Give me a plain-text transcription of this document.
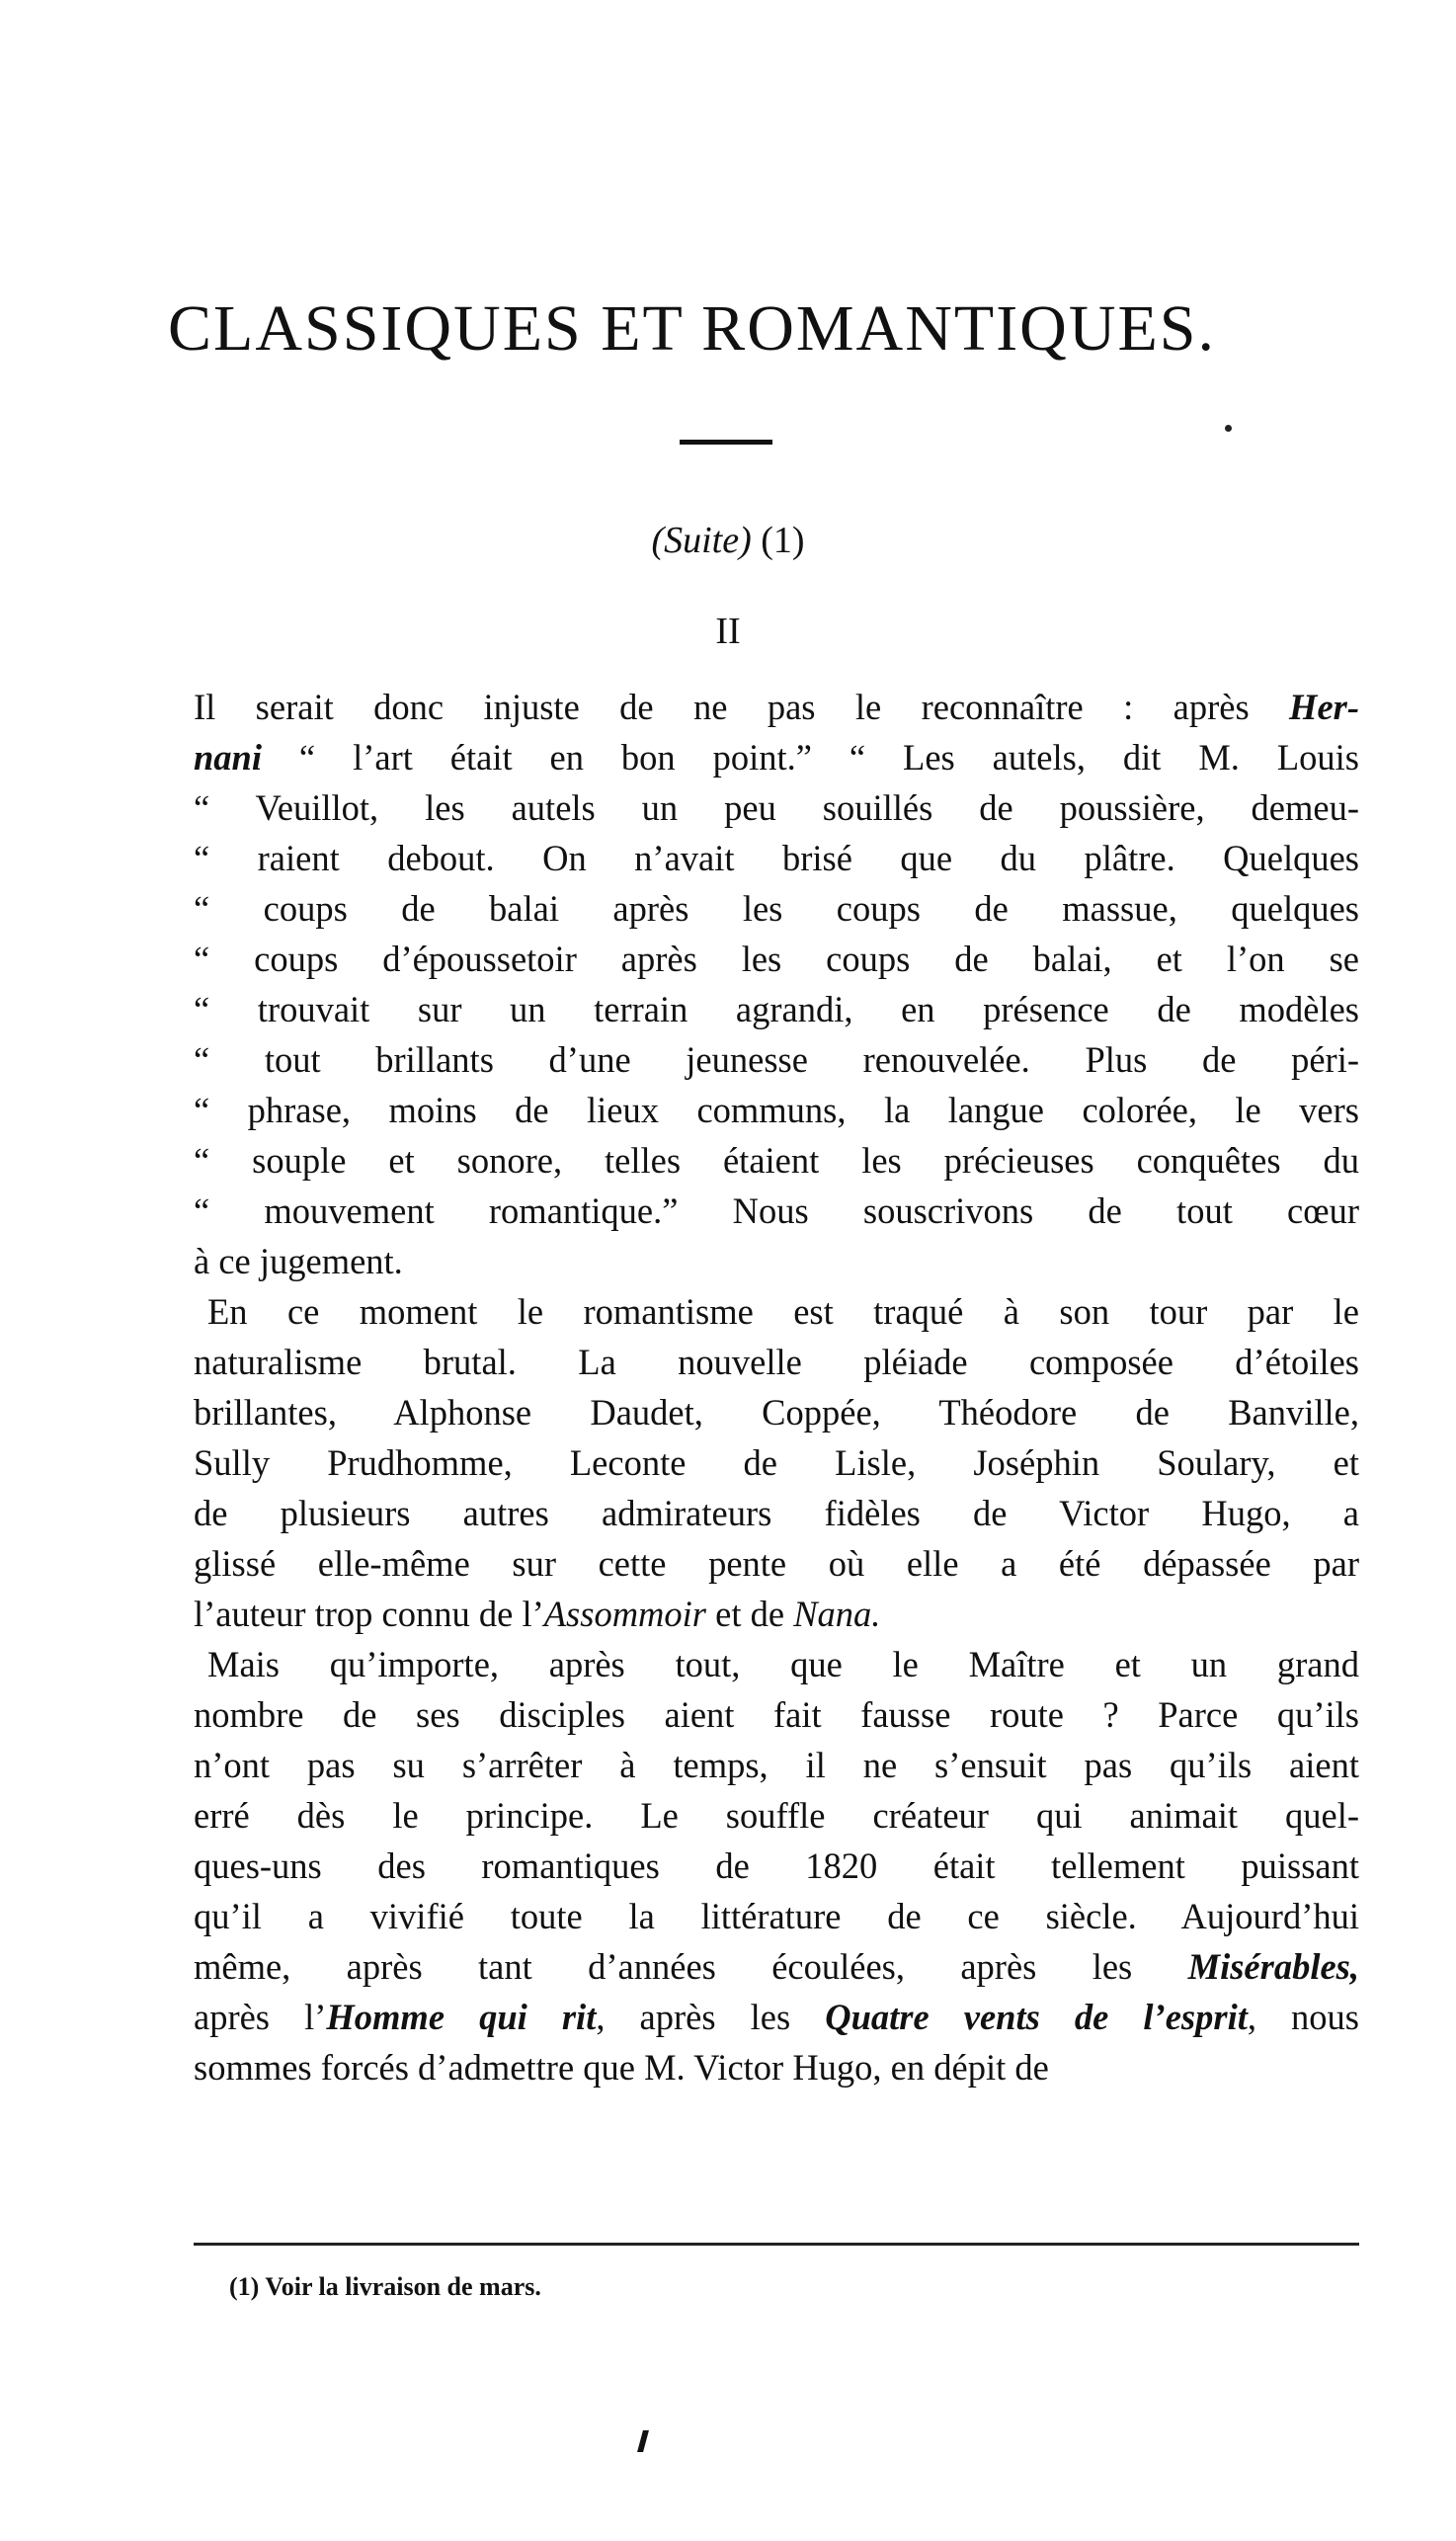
CLASSIQUES ET ROMANTIQUES.
(Suite) (1)
II
Il serait donc injuste de ne pas le reconnaître : après Her-
nani “ l’art était en bon point.” “ Les autels, dit M. Louis
“ Veuillot, les autels un peu souillés de poussière, demeu-
“ raient debout. On n’avait brisé que du plâtre. Quelques
“ coups de balai après les coups de massue, quelques
“ coups d’époussetoir après les coups de balai, et l’on se
“ trouvait sur un terrain agrandi, en présence de modèles
“ tout brillants d’une jeunesse renouvelée. Plus de péri-
“ phrase, moins de lieux communs, la langue colorée, le vers
“ souple et sonore, telles étaient les précieuses conquêtes du
“ mouvement romantique.” Nous souscrivons de tout cœur
à ce jugement.
En ce moment le romantisme est traqué à son tour par le
naturalisme brutal. La nouvelle pléiade composée d’étoiles
brillantes, Alphonse Daudet, Coppée, Théodore de Banville,
Sully Prudhomme, Leconte de Lisle, Joséphin Soulary, et
de plusieurs autres admirateurs fidèles de Victor Hugo, a
glissé elle-même sur cette pente où elle a été dépassée par
l’auteur trop connu de l’Assommoir et de Nana.
Mais qu’importe, après tout, que le Maître et un grand
nombre de ses disciples aient fait fausse route ? Parce qu’ils
n’ont pas su s’arrêter à temps, il ne s’ensuit pas qu’ils aient
erré dès le principe. Le souffle créateur qui animait quel-
ques-uns des romantiques de 1820 était tellement puissant
qu’il a vivifié toute la littérature de ce siècle. Aujourd’hui
même, après tant d’années écoulées, après les Misérables,
après l’Homme qui rit, après les Quatre vents de l’esprit, nous
sommes forcés d’admettre que M. Victor Hugo, en dépit de
(1) Voir la livraison de mars.
